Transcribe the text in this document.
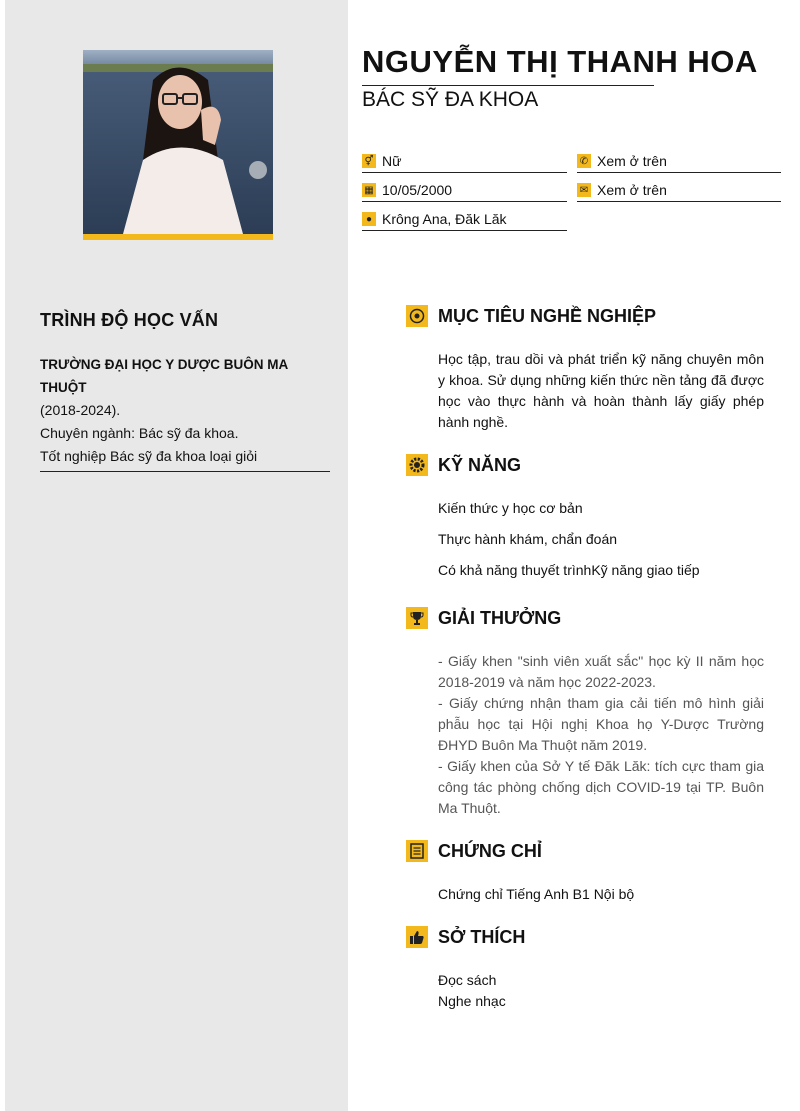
NGUYỄN THỊ THANH HOA
BÁC SỸ ĐA KHOA
⚥ Nữ
▦ 10/05/2000
● Krông Ana, Đăk Lăk
✆ Xem ở trên
✉ Xem ở trên
TRÌNH ĐỘ HỌC VẤN
TRƯỜNG ĐẠI HỌC Y DƯỢC BUÔN MA THUỘT
(2018-2024).
Chuyên ngành: Bác sỹ đa khoa.
Tốt nghiệp Bác sỹ đa khoa loại giỏi
MỤC TIÊU NGHỀ NGHIỆP
Học tập, trau dồi và phát triển kỹ năng chuyên môn y khoa. Sử dụng những kiến thức nền tảng đã được học vào thực hành và hoàn thành lấy giấy phép hành nghề.
KỸ NĂNG
Kiến thức y học cơ bản
Thực hành khám, chẩn đoán
Có khả năng thuyết trìnhKỹ năng giao tiếp
GIẢI THƯỞNG
- Giấy khen "sinh viên xuất sắc" học kỳ II năm học 2018-2019 và năm học 2022-2023.
- Giấy chứng nhận tham gia cải tiến mô hình giải phẫu học tại Hội nghị Khoa họ Y-Dược Trường ĐHYD Buôn Ma Thuột năm 2019.
- Giấy khen của Sở Y tế Đăk Lăk: tích cực tham gia công tác phòng chống dịch COVID-19 tại TP. Buôn Ma Thuột.
CHỨNG CHỈ
Chứng chỉ Tiếng Anh B1 Nội bộ
SỞ THÍCH
Đọc sách
Nghe nhạc
